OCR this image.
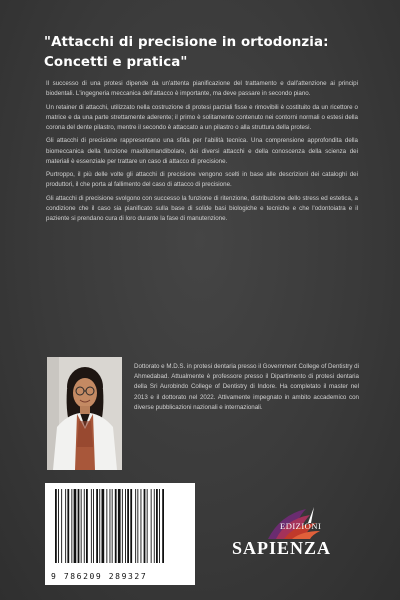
"Attacchi di precisione in ortodonzia: Concetti e pratica"

Il successo di una protesi dipende da un'attenta pianificazione del trattamento e dall'attenzione ai principi biodentali. L'ingegneria meccanica dell'attacco è importante, ma deve passare in secondo piano.

Un retainer di attacchi, utilizzato nella costruzione di protesi parziali fisse e rimovibili è costituito da un ricettore o matrice e da una parte strettamente aderente; il primo è solitamente contenuto nei contorni normali o estesi della corona del dente pilastro, mentre il secondo è attaccato a un pilastro o alla struttura della protesi.

Gli attacchi di precisione rappresentano una sfida per l'abilità tecnica. Una comprensione approfondita della biomeccanica della funzione maxillomandibolare, dei diversi attacchi e della conoscenza della scienza dei materiali è essenziale per trattare un caso di attacco di precisione.

Purtroppo, il più delle volte gli attacchi di precisione vengono scelti in base alle descrizioni dei cataloghi dei produttori, il che porta al fallimento del caso di attacco di precisione.

Gli attacchi di precisione svolgono con successo la funzione di ritenzione, distribuzione dello stress ed estetica, a condizione che il caso sia pianificato sulla base di solide basi biologiche e tecniche e che l'odontoiatra e il paziente si prendano cura di loro durante la fase di manutenzione.

Dottorato e M.D.S. in protesi dentaria presso il Government College of Dentistry di Ahmedabad. Attualmente è professore presso il Dipartimento di protesi dentaria della Sri Aurobindo College of Dentistry di Indore. Ha completato il master nel 2013 e il dottorato nel 2022. Attivamente impegnato in ambito accademico con diverse pubblicazioni nazionali e internazionali.
9 786209 289327
EDIZIONI
SAPIENZA
